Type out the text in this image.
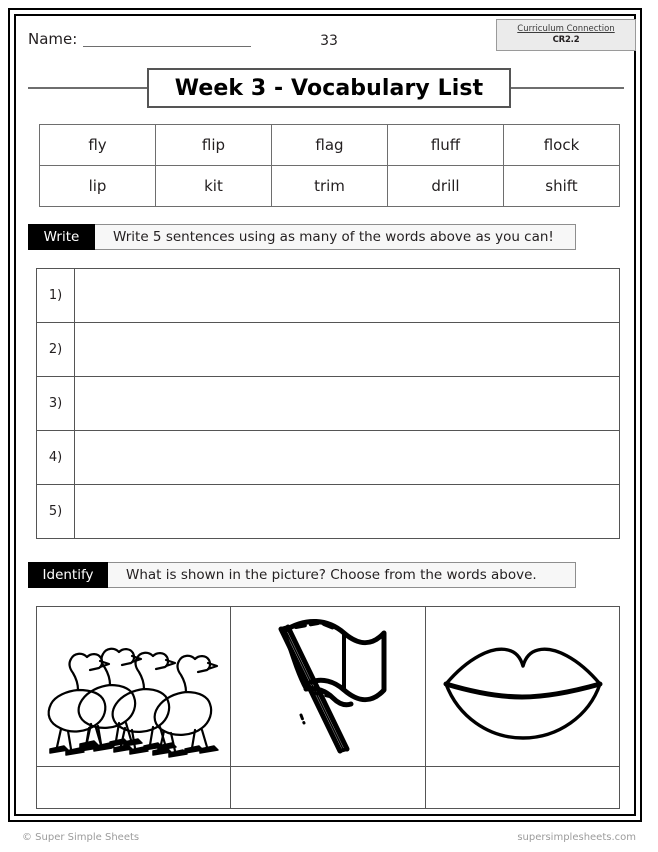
Name:	33
Curriculum Connection
CR2.2
Week 3 - Vocabulary List
fly	flip	flag	fluff	flock
lip	kit	trim	drill	shift
Write	Write 5 sentences using as many of the words above as you can!
1)	
2)	
3)	
4)	
5)	
Identify	What is shown in the picture? Choose from the words above.

© Super Simple Sheets	supersimplesheets.com
